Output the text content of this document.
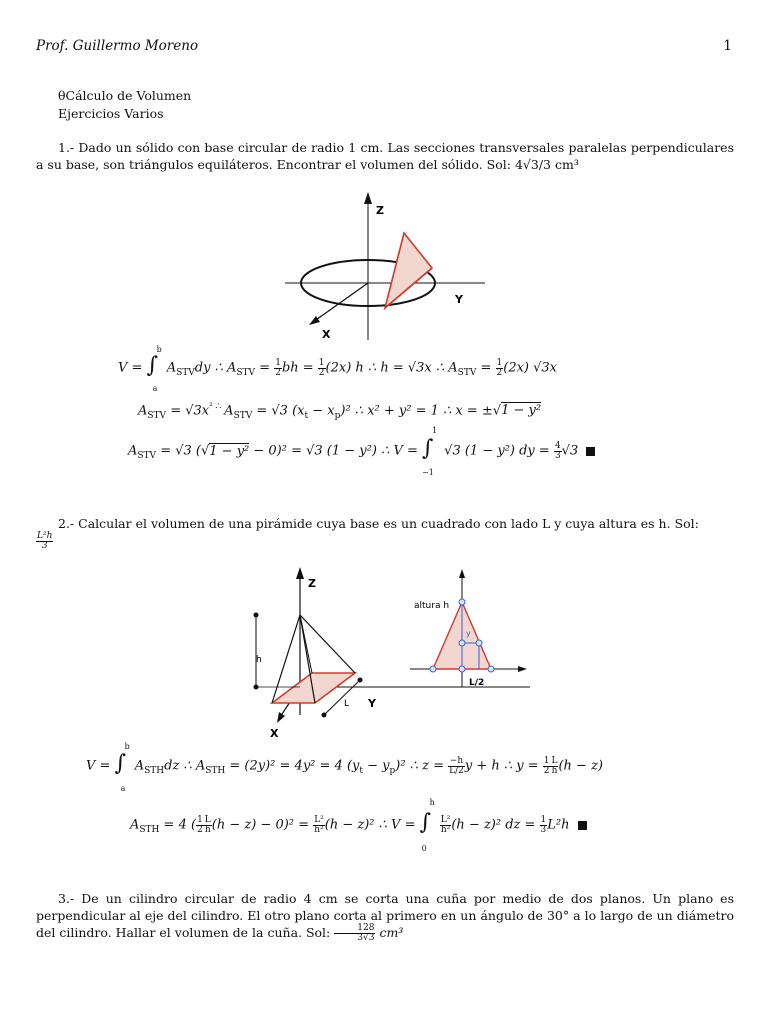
Prof. Guillermo Moreno	1
θCálculo de Volumen
Ejercicios Varios
1.- Dado un sólido con base circular de radio 1 cm. Las secciones transversales paralelas perpendiculares a su base, son triángulos equiláteros. Encontrar el volumen del sólido. Sol: 4√3/3 cm³
Z
Y
X
V = ∫
b
a
$A_{STV}dy$ ∴ $A_{STV} = \frac{1}{2}$ bh = $\frac{1}{2} (2x)$ h ∴ h = √3x ∴ $A_{STV} = \frac{1}{2} (2x)$ √3x
$A_{STV} = √3x^{^2 \therefore}$ $A_{STV} = √3$ $(x_t - x_p)^2$ ∴ x² + y² = 1 ∴ x = ±√1 − y²
$A_{STV} = √3$ (√1 − y² − 0)² = √3 (1 − y²) ∴ V = ∫
1
−1
√3 (1 − y²) dy = $\frac{4}{3} √3$
2.- Calcular el volumen de una pirámide cuya base es un cuadrado con lado L y cuya altura es h. Sol:
$\frac{\text{L²h}}{3}$
Z
Y
X
h
L
altura h
y
L/2
V = ∫
b
a
$A_{STH}dz$ ∴ $A_{STH} = (2y)^2 = 4y^2 = 4$ $(y_t - y_p)^2$ ∴ $z = \frac{-h}{L/2}$ y + h ∴ $y = \frac{1}{2} \frac{L}{h} (h - z)$
$A_{STH} = 4$ ( $\frac{1}{2} \frac{L}{h} (h - z) - 0)^2 = \frac{\text{L²}}{\text{h²}} (h - z)^2$ ∴ V = ∫
h
0

$\frac{\text{L²}}{\text{h²}} (h - z)^2$ dz = $\frac{1}{3} L^2h$
3.- De un cilindro circular de radio 4 cm se corta una cuña por medio de dos planos. Un plano es perpendicular al eje del cilindro. El otro plano corta al primero en un ángulo de 30° a lo largo de un diámetro del cilindro. Hallar el volumen de la cuña. Sol: $\frac{128}{3√3} cm^3$
